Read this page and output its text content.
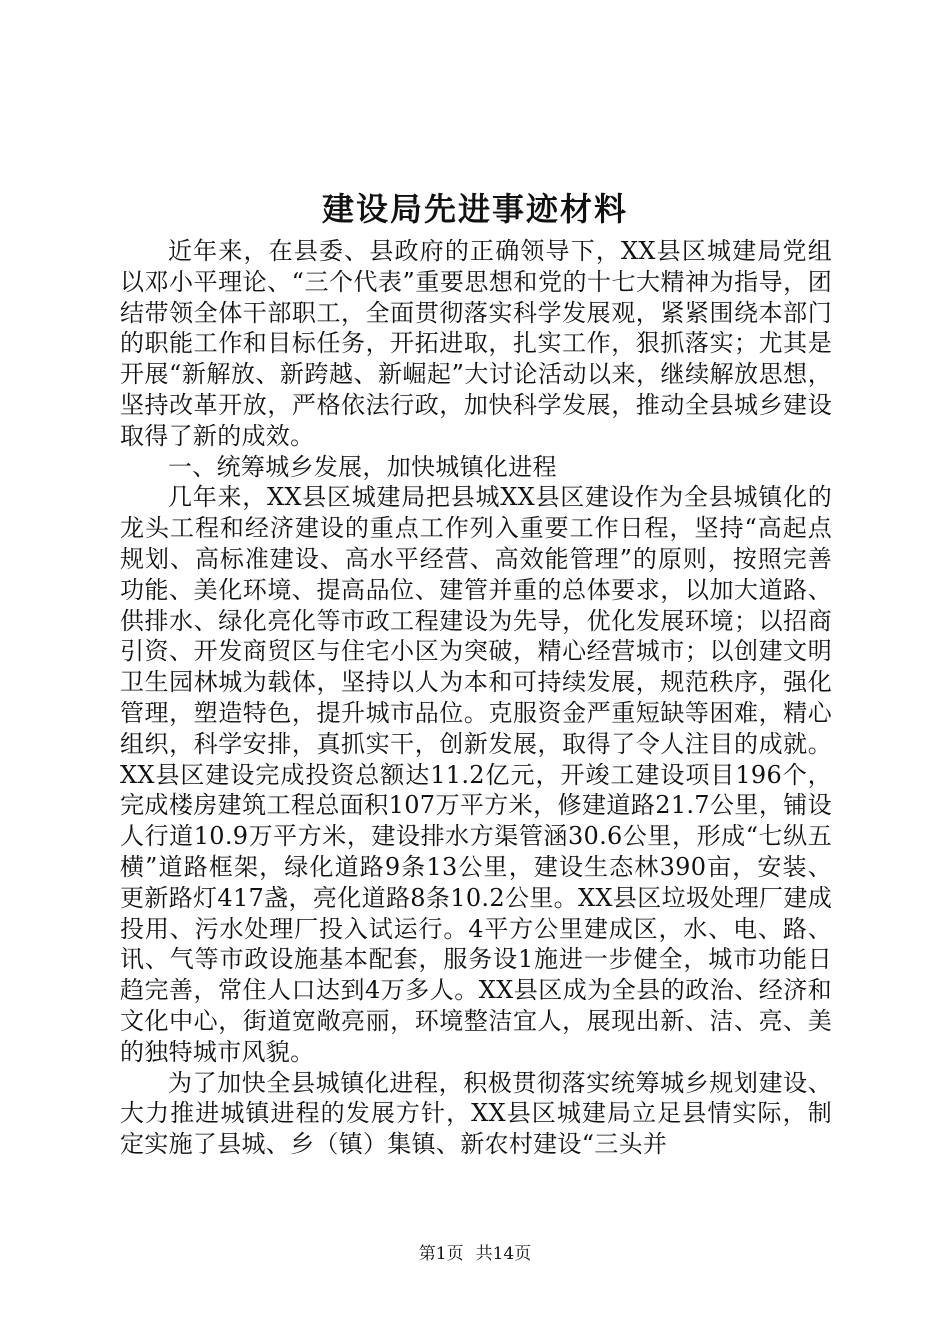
建设局先进事迹材料

近年来，在县委、县政府的正确领导下，XX县区城建局党组以邓小平理论、“三个代表”重要思想和党的十七大精神为指导，团结带领全体干部职工，全面贯彻落实科学发展观，紧紧围绕本部门的职能工作和目标任务，开拓进取，扎实工作，狠抓落实；尤其是开展“新解放、新跨越、新崛起”大讨论活动以来，继续解放思想，坚持改革开放，严格依法行政，加快科学发展，推动全县城乡建设取得了新的成效。

一、统筹城乡发展，加快城镇化进程

几年来，XX县区城建局把县城XX县区建设作为全县城镇化的龙头工程和经济建设的重点工作列入重要工作日程，坚持“高起点规划、高标准建设、高水平经营、高效能管理”的原则，按照完善功能、美化环境、提高品位、建管并重的总体要求，以加大道路、供排水、绿化亮化等市政工程建设为先导，优化发展环境；以招商引资、开发商贸区与住宅小区为突破，精心经营城市；以创建文明卫生园林城为载体，坚持以人为本和可持续发展，规范秩序，强化管理，塑造特色，提升城市品位。克服资金严重短缺等困难，精心组织，科学安排，真抓实干，创新发展，取得了令人注目的成就。XX县区建设完成投资总额达11.2亿元，开竣工建设项目196个，完成楼房建筑工程总面积107万平方米，修建道路21.7公里，铺设人行道10.9万平方米，建设排水方渠管涵30.6公里，形成“七纵五横”道路框架，绿化道路9条13公里，建设生态林390亩，安装、更新路灯417盏，亮化道路8条10.2公里。XX县区垃圾处理厂建成投用、污水处理厂投入试运行。4平方公里建成区，水、电、路、讯、气等市政设施基本配套，服务设1施进一步健全，城市功能日趋完善，常住人口达到4万多人。XX县区成为全县的政治、经济和文化中心，街道宽敞亮丽，环境整洁宜人，展现出新、洁、亮、美的独特城市风貌。

为了加快全县城镇化进程，积极贯彻落实统筹城乡规划建设、大力推进城镇进程的发展方针，XX县区城建局立足县情实际，制定实施了县城、乡（镇）集镇、新农村建设“三头并

第1页 共14页
